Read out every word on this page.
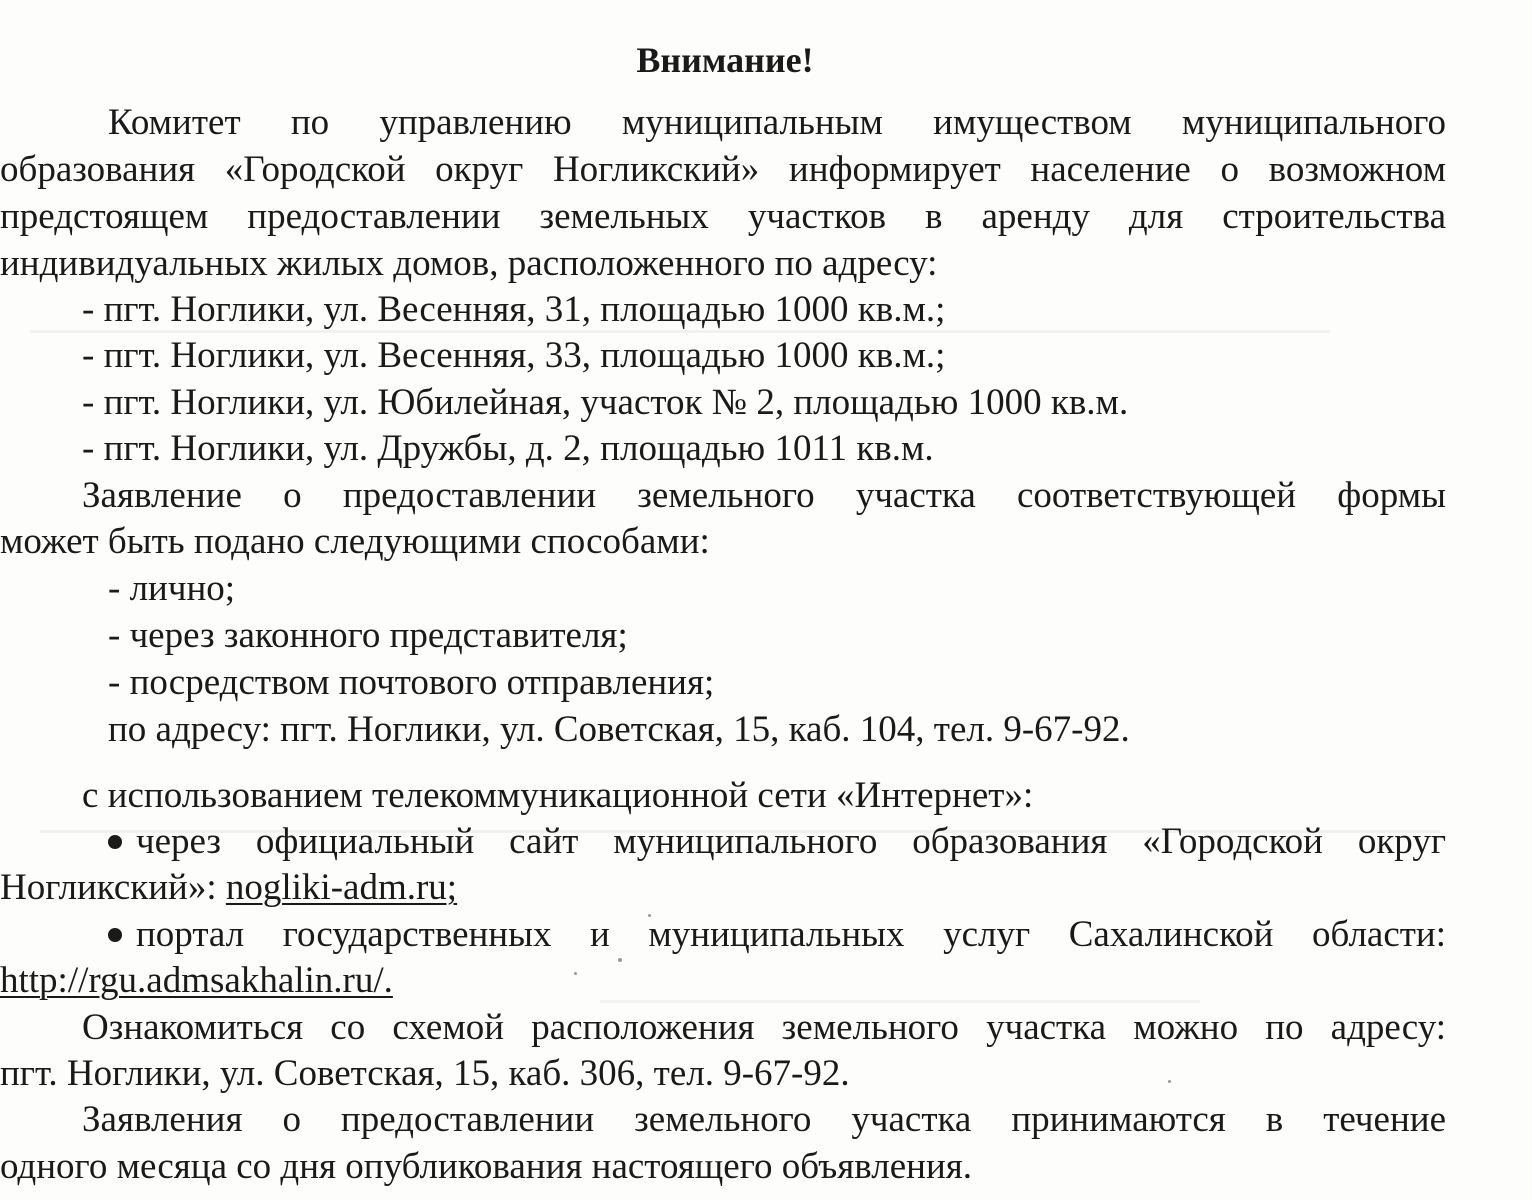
Внимание!
Комитет по управлению муниципальным имуществом муниципального
образования «Городской округ Ногликский» информирует население о возможном
предстоящем предоставлении земельных участков в аренду для строительства
индивидуальных жилых домов, расположенного по адресу:
- пгт. Ноглики, ул. Весенняя, 31, площадью 1000 кв.м.;
- пгт. Ноглики, ул. Весенняя, 33, площадью 1000 кв.м.;
- пгт. Ноглики, ул. Юбилейная, участок № 2, площадью 1000 кв.м.
- пгт. Ноглики, ул. Дружбы, д. 2, площадью 1011 кв.м.
Заявление о предоставлении земельного участка соответствующей формы
может быть подано следующими способами:
- лично;
- через законного представителя;
- посредством почтового отправления;
по адресу: пгт. Ноглики, ул. Советская, 15, каб. 104, тел. 9-67-92.
с использованием телекоммуникационной сети «Интернет»:
через официальный сайт муниципального образования «Городской округ
Ногликский»: nogliki-adm.ru;
портал государственных и муниципальных услуг Сахалинской области:
http://rgu.admsakhalin.ru/.
Ознакомиться со схемой расположения земельного участка можно по адресу:
пгт. Ноглики, ул. Советская, 15, каб. 306, тел. 9-67-92.
Заявления о предоставлении земельного участка принимаются в течение
одного месяца со дня опубликования настоящего объявления.
